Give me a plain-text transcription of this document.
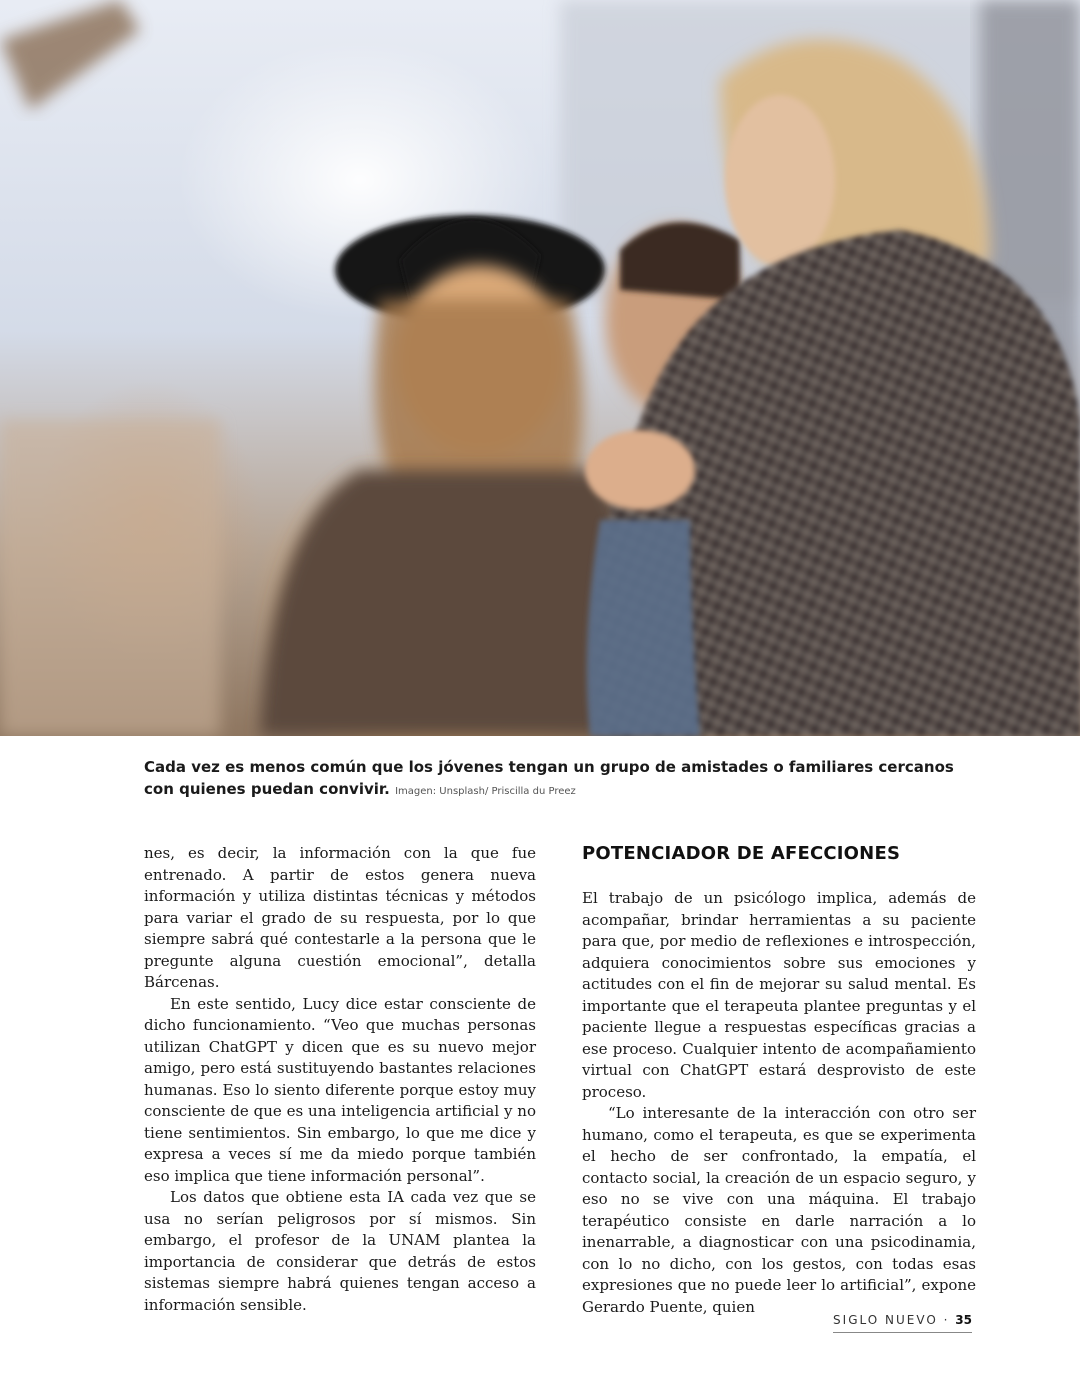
Cada vez es menos común que los jóvenes tengan un grupo de amistades o familiares cercanos con quienes puedan convivir. Imagen: Unsplash/ Priscilla du Preez

nes, es decir, la información con la que fue entrenado. A partir de estos genera nueva información y utiliza distintas técnicas y métodos para variar el grado de su respuesta, por lo que siempre sabrá qué contestarle a la persona que le pregunte alguna cuestión emocional”, detalla Bárcenas.

En este sentido, Lucy dice estar consciente de dicho funcionamiento. “Veo que muchas personas utilizan ChatGPT y dicen que es su nuevo mejor amigo, pero está sustituyendo bastantes relaciones humanas. Eso lo siento diferente porque estoy muy consciente de que es una inteligencia artificial y no tiene sentimientos. Sin embargo, lo que me dice y expresa a veces sí me da miedo porque también eso implica que tiene información personal”.

Los datos que obtiene esta IA cada vez que se usa no serían peligrosos por sí mismos. Sin embargo, el profesor de la UNAM plantea la importancia de considerar que detrás de estos sistemas siempre habrá quienes tengan acceso a información sensible.

POTENCIADOR DE AFECCIONES

El trabajo de un psicólogo implica, además de acompañar, brindar herramientas a su paciente para que, por medio de reflexiones e introspección, adquiera conocimientos sobre sus emociones y actitudes con el fin de mejorar su salud mental. Es importante que el terapeuta plantee preguntas y el paciente llegue a respuestas específicas gracias a ese proceso. Cualquier intento de acompañamiento virtual con ChatGPT estará desprovisto de este proceso.

“Lo interesante de la interacción con otro ser humano, como el terapeuta, es que se experimenta el hecho de ser confrontado, la empatía, el contacto social, la creación de un espacio seguro, y eso no se vive con una máquina. El trabajo terapéutico consiste en darle narración a lo inenarrable, a diagnosticar con una psicodinamia, con lo no dicho, con los gestos, con todas esas expresiones que no puede leer lo artificial”, expone Gerardo Puente, quien

SIGLO NUEVO · 35
